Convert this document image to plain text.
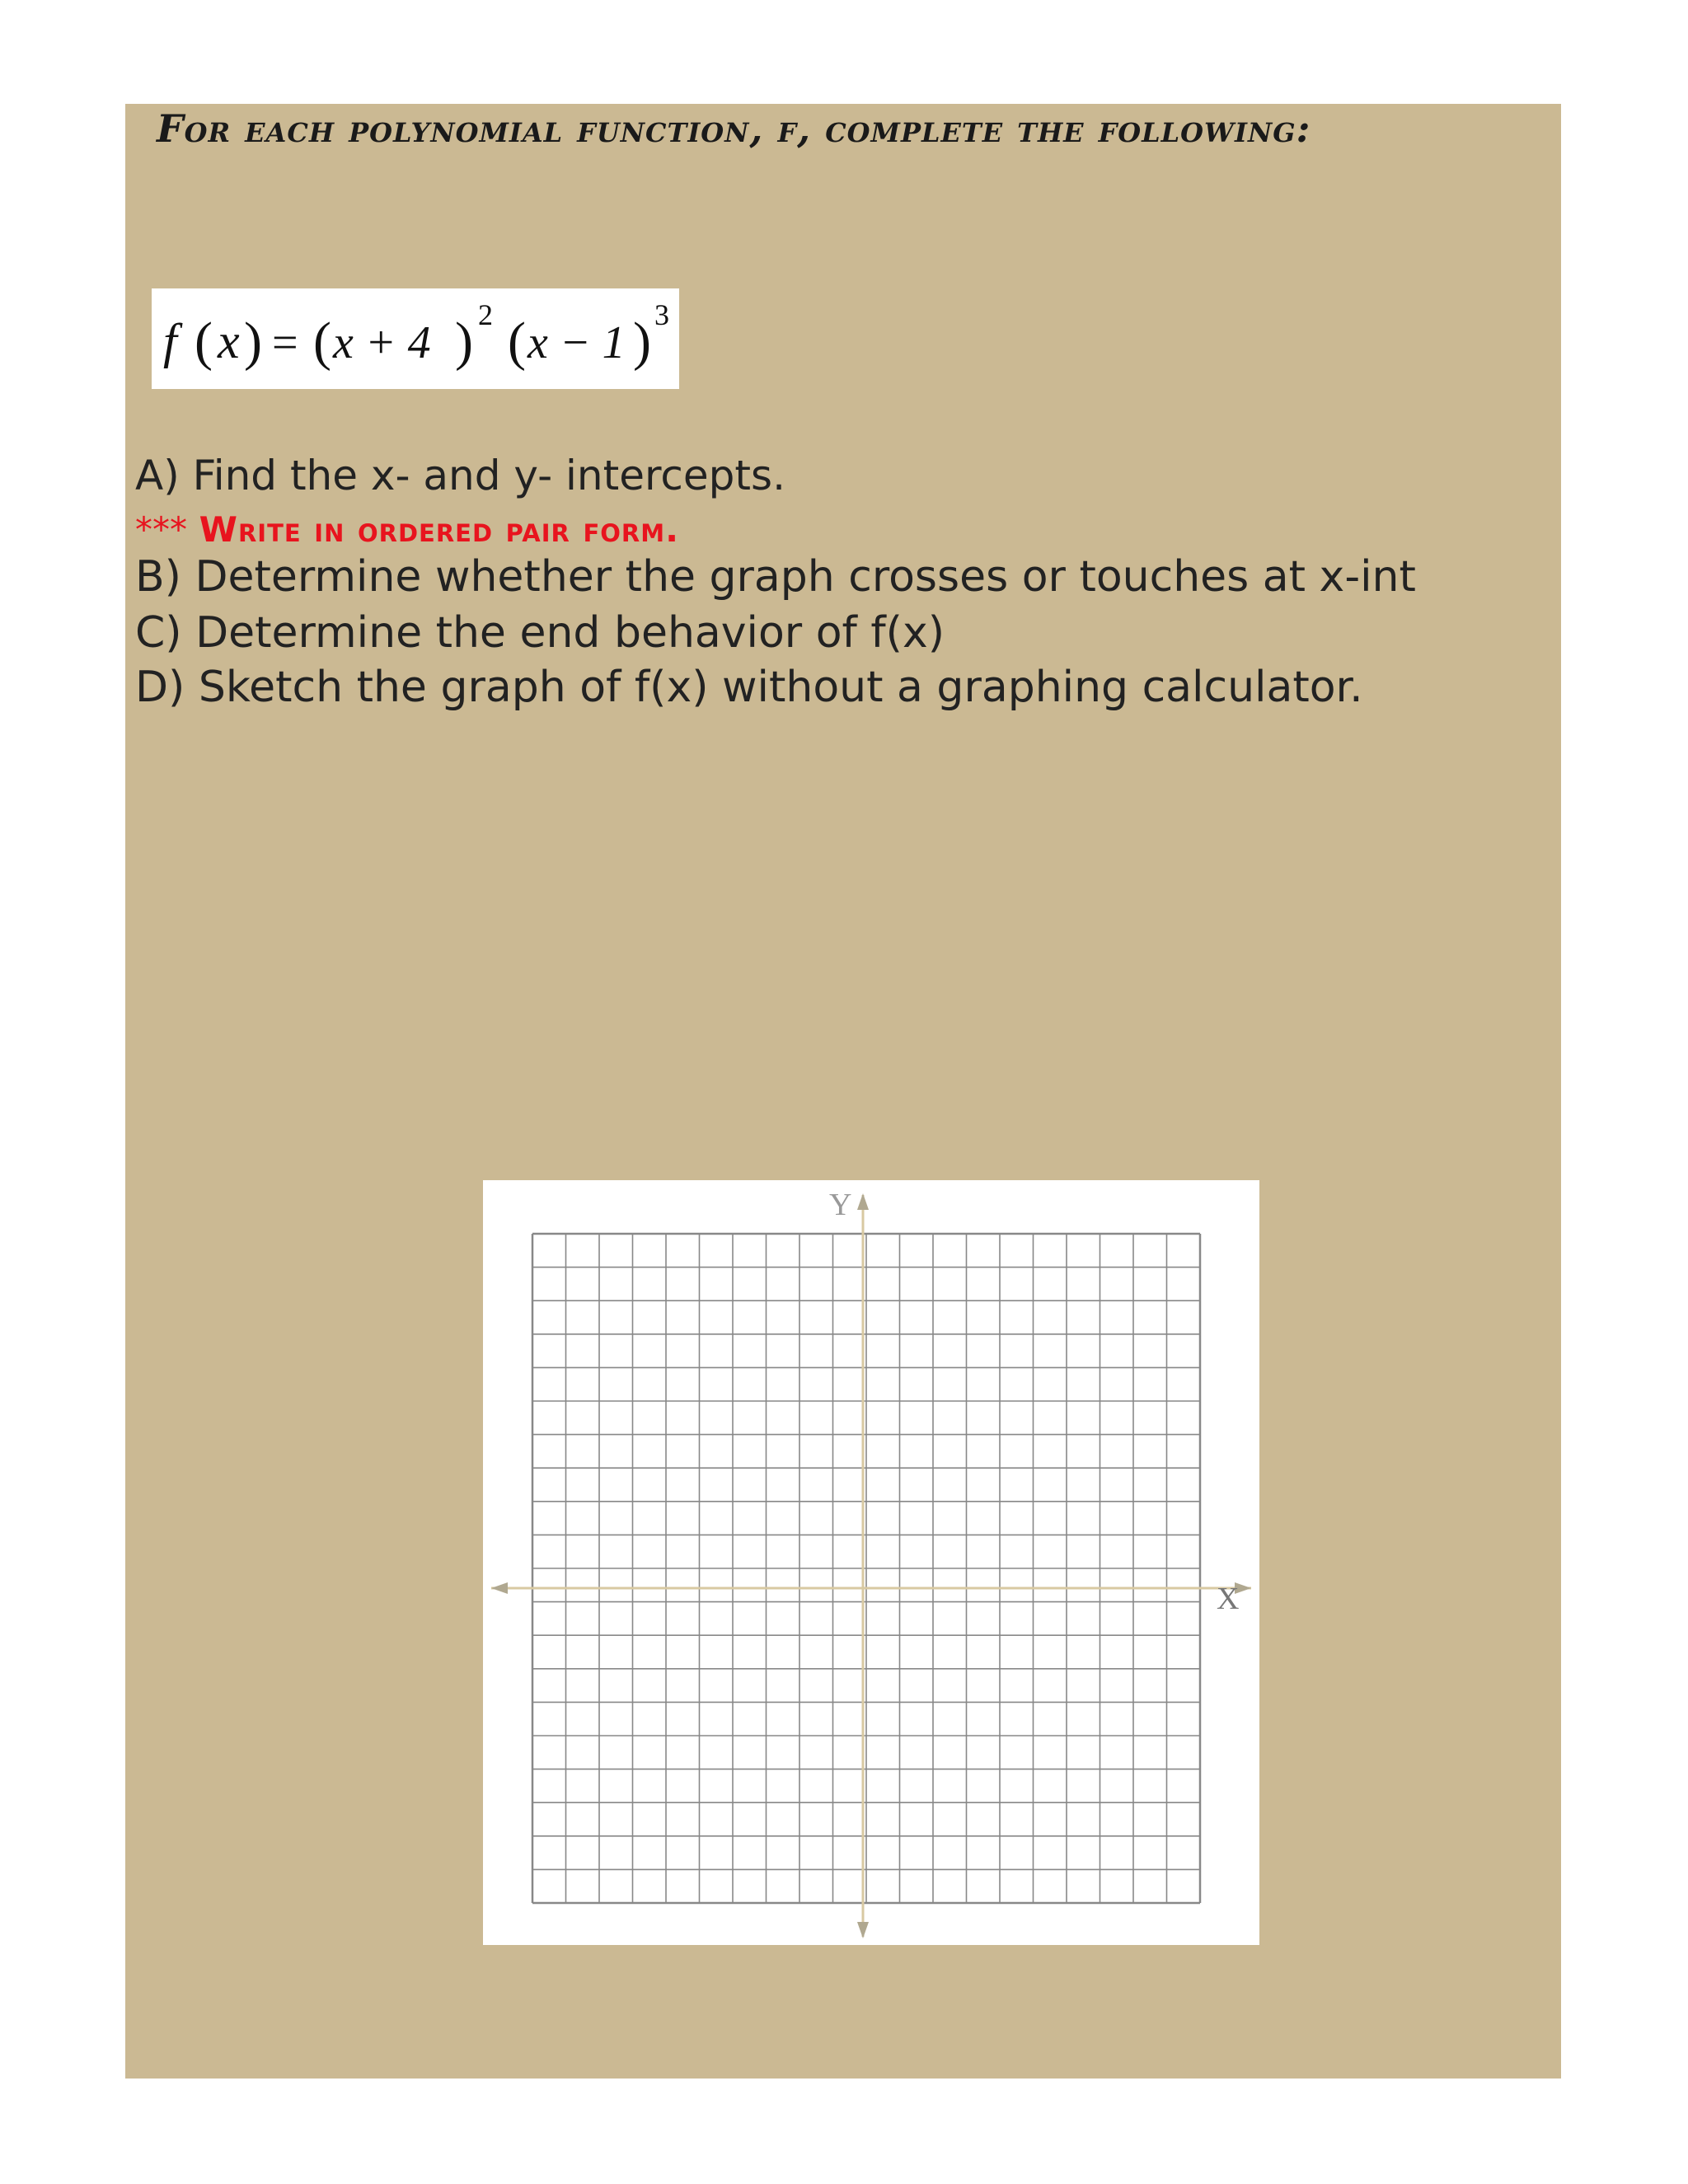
For each polynomial function, f, complete the following:
f ( x ) = ( x + 4 ) 2 ( x − 1 ) 3
A) Find the x- and y- intercepts.
*** Write in ordered pair form.
B) Determine whether the graph crosses or touches at x-int
C) Determine the end behavior of f(x)
D) Sketch the graph of f(x) without a graphing calculator.
Y
X
